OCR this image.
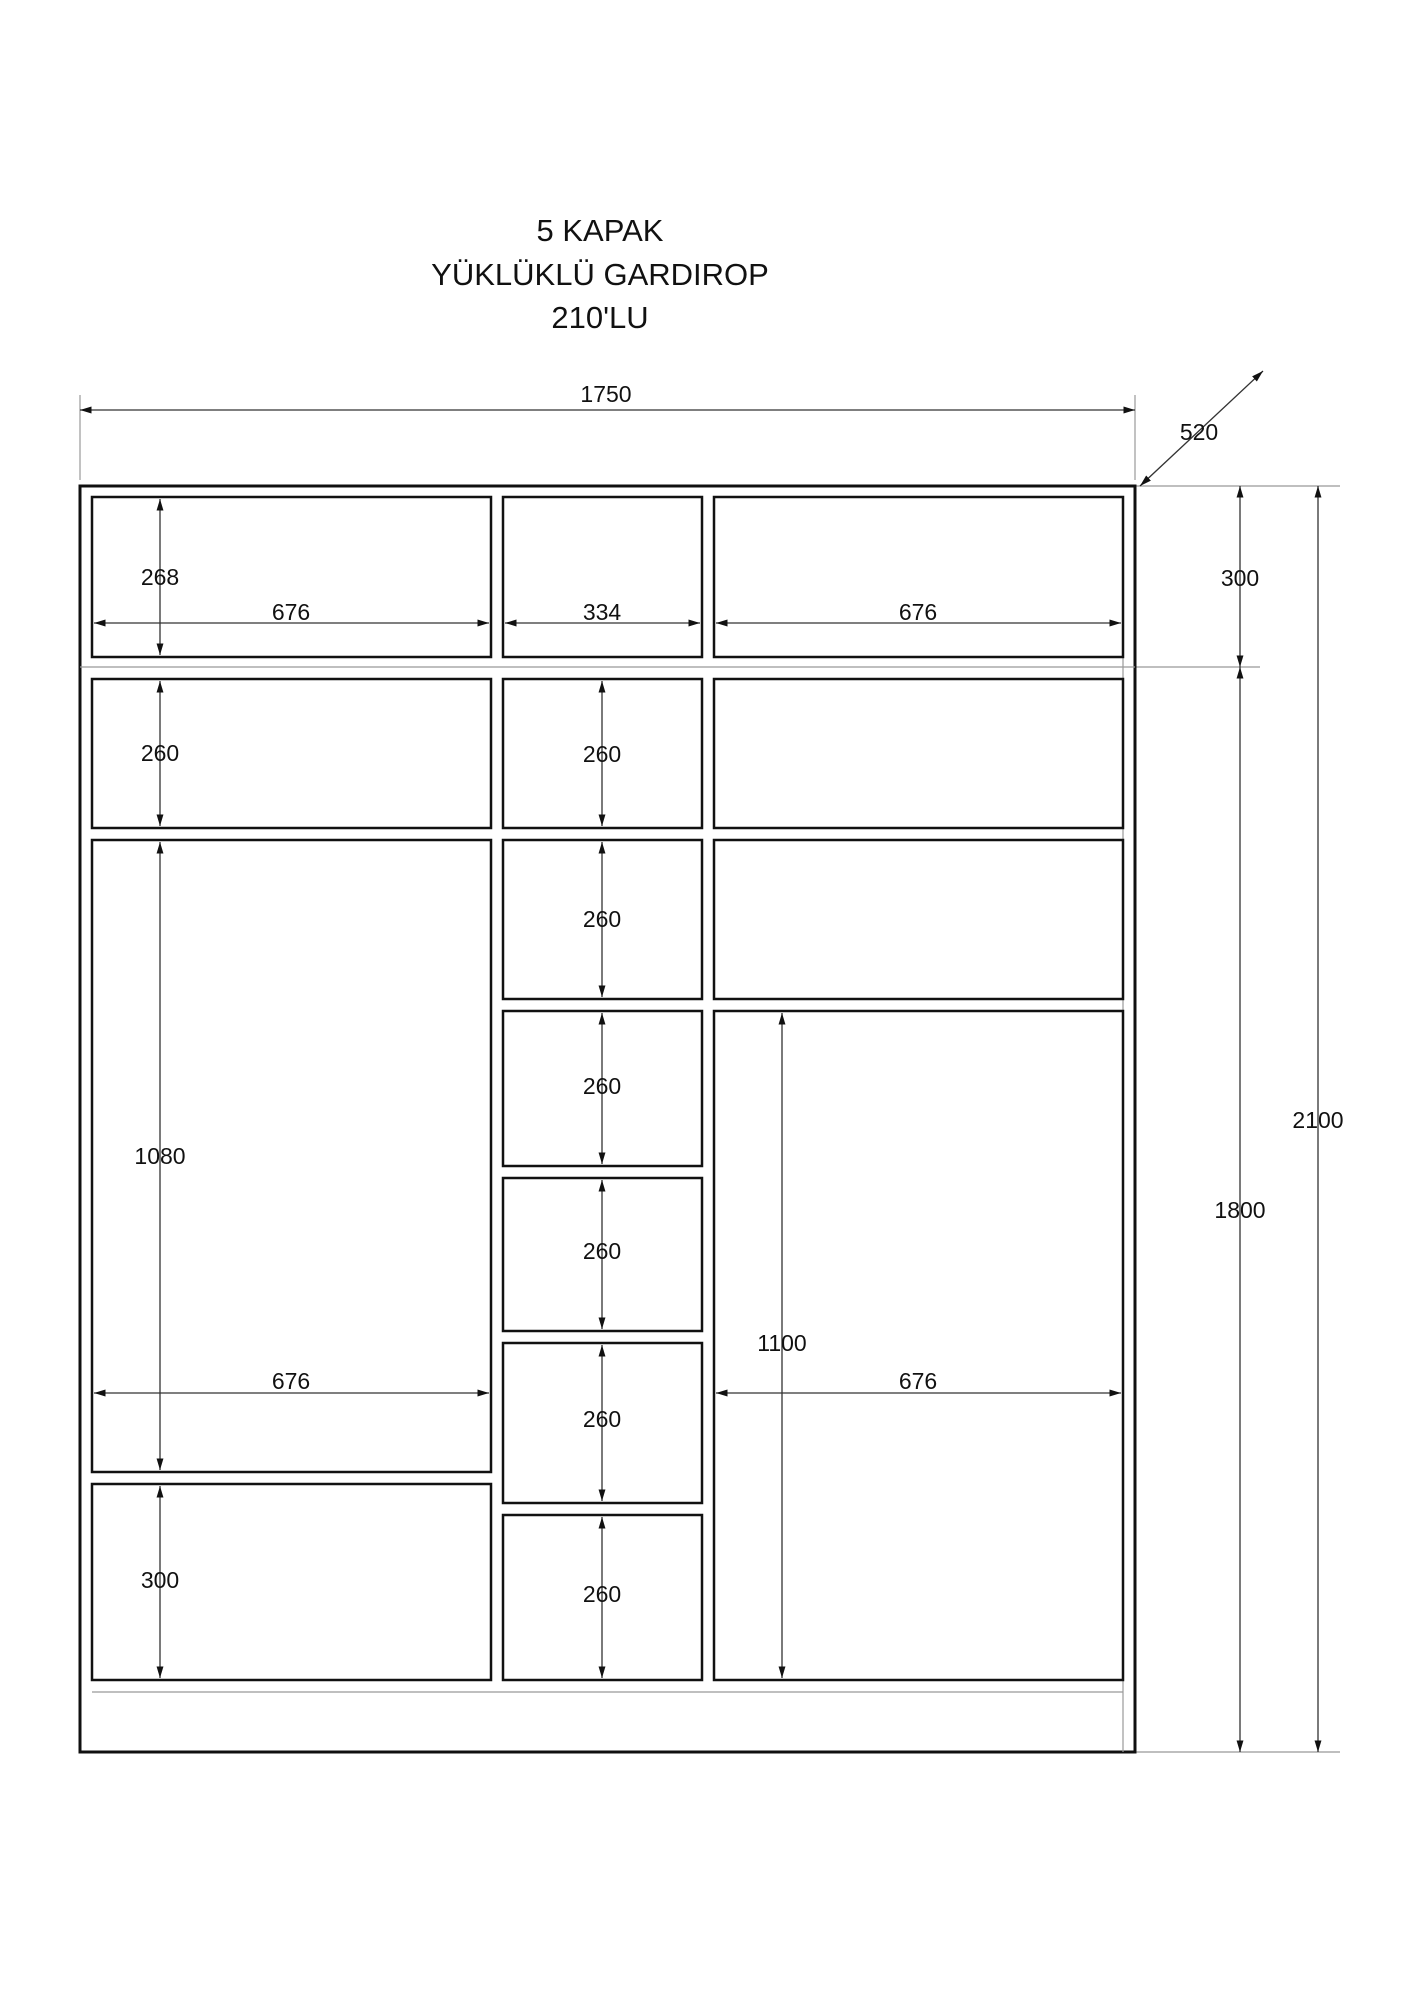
5 KAPAK
YÜKLÜKLÜ GARDIROP
210'LU
1750
520
300
1800
2100
268
676	334	676
260
1080
676
300
260
260
260
260
260
260
1100
676
